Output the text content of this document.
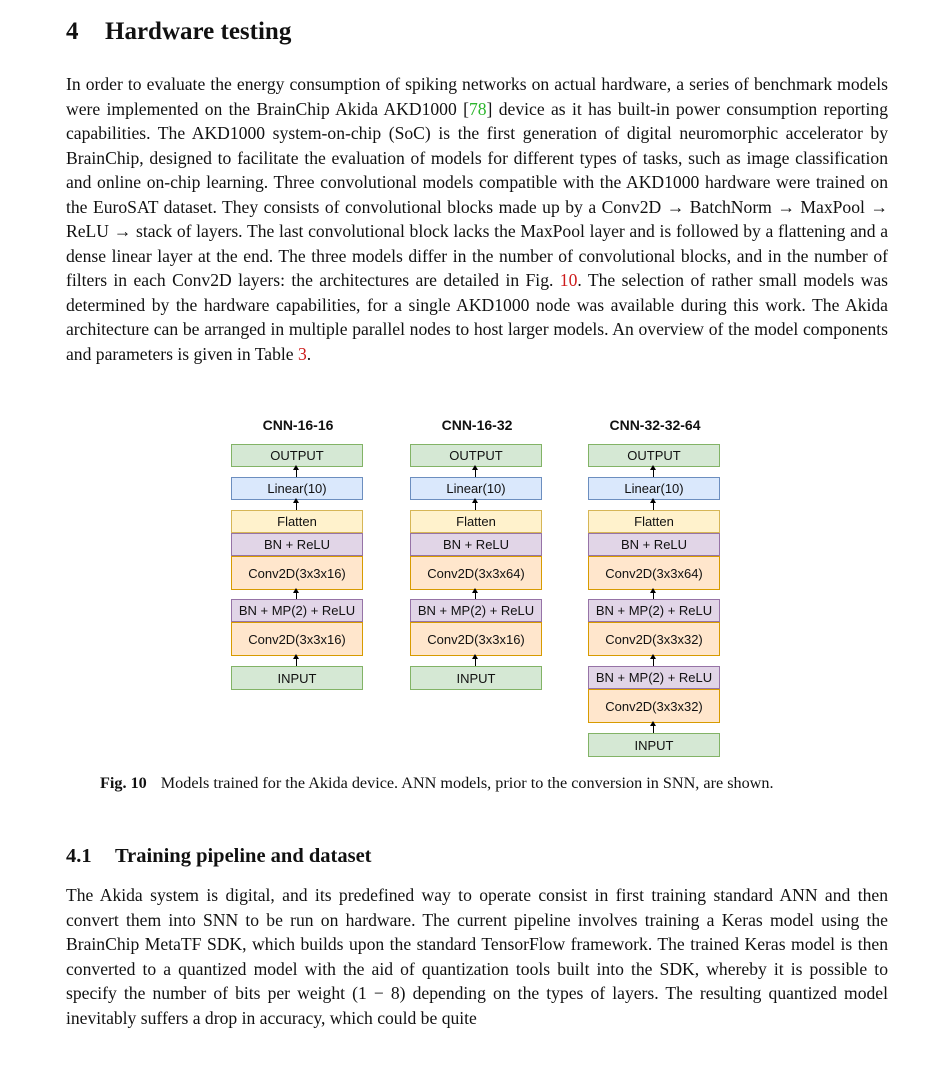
4 Hardware testing
In order to evaluate the energy consumption of spiking networks on actual hardware, a series of benchmark models were implemented on the BrainChip Akida AKD1000 [78] device as it has built-in power consumption reporting capabilities. The AKD1000 system-on-chip (SoC) is the first generation of digital neuromorphic accelerator by BrainChip, designed to facilitate the evaluation of models for different types of tasks, such as image classification and online on-chip learning. Three convolutional models compatible with the AKD1000 hardware were trained on the EuroSAT dataset. They consists of convolutional blocks made up by a Conv2D → BatchNorm → MaxPool → ReLU → stack of layers. The last convolutional block lacks the MaxPool layer and is followed by a flattening and a dense linear layer at the end. The three models differ in the number of convolutional blocks, and in the number of filters in each Conv2D layers: the architectures are detailed in Fig. 10. The selection of rather small models was determined by the hardware capabilities, for a single AKD1000 node was available during this work. The Akida architecture can be arranged in multiple parallel nodes to host larger models. An overview of the model components and parameters is given in Table 3.
CNN-16-16
OUTPUT
Linear(10)
Flatten
BN + ReLU
Conv2D(3x3x16)
BN + MP(2) + ReLU
Conv2D(3x3x16)
INPUT
CNN-16-32
OUTPUT
Linear(10)
Flatten
BN + ReLU
Conv2D(3x3x64)
BN + MP(2) + ReLU
Conv2D(3x3x16)
INPUT
CNN-32-32-64
OUTPUT
Linear(10)
Flatten
BN + ReLU
Conv2D(3x3x64)
BN + MP(2) + ReLU
Conv2D(3x3x32)
BN + MP(2) + ReLU
Conv2D(3x3x32)
INPUT
Fig. 10 Models trained for the Akida device. ANN models, prior to the conversion in SNN, are shown.
4.1 Training pipeline and dataset
The Akida system is digital, and its predefined way to operate consist in first training standard ANN and then convert them into SNN to be run on hardware. The current pipeline involves training a Keras model using the BrainChip MetaTF SDK, which builds upon the standard TensorFlow framework. The trained Keras model is then converted to a quantized model with the aid of quantization tools built into the SDK, whereby it is possible to specify the number of bits per weight (1 − 8) depending on the types of layers. The resulting quantized model inevitably suffers a drop in accuracy, which could be quite
